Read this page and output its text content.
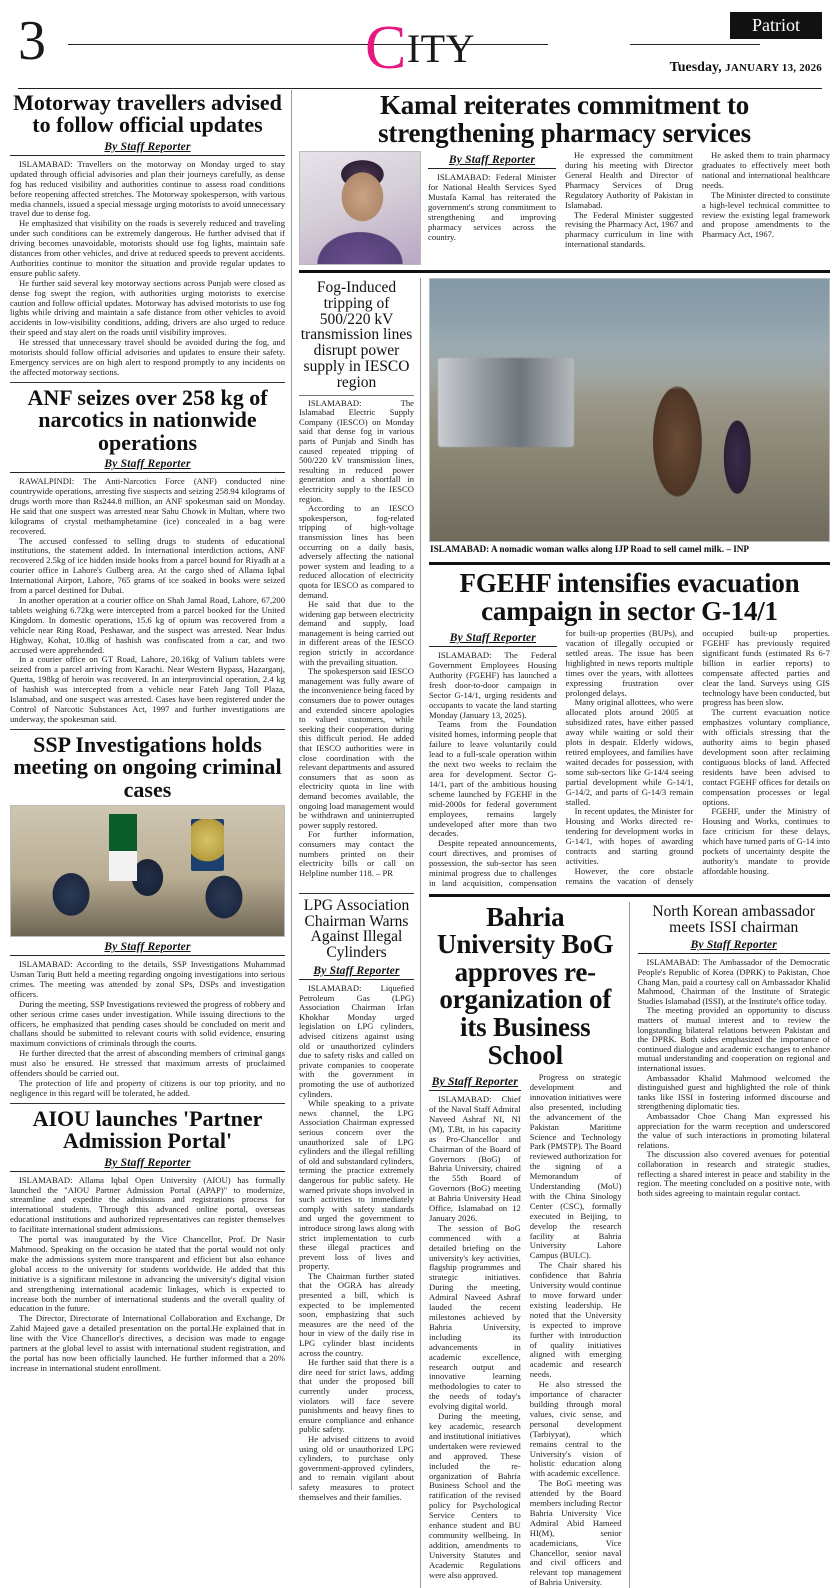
3	CITY
Patriot
Tuesday, JANUARY 13, 2026
Motorway travellers advised to follow official updates
By Staff Reporter

ISLAMABAD: Travellers on the motorway on Monday urged to stay updated through official advisories and plan their journeys carefully, as dense fog has reduced visibility and authorities continue to assess road conditions before reopening affected stretches. The Motorway spokesperson, with various media channels, issued a special message urging motorists to avoid unnecessary travel due to dense fog.

He emphasized that visibility on the roads is severely reduced and traveling under such conditions can be extremely dangerous. He further advised that if driving becomes unavoidable, motorists should use fog lights, maintain safe distances from other vehicles, and drive at reduced speeds to prevent accidents. Authorities continue to monitor the situation and provide regular updates to ensure public safety.

He further said several key motorway sections across Punjab were closed as dense fog swept the region, with authorities urging motorists to exercise caution and follow official updates. Motorway has advised motorists to use fog lights while driving and maintain a safe distance from other vehicles to avoid accidents in low-visibility conditions, adding, drivers are also urged to reduce their speed and stay alert on the roads until visibility improves.

He stressed that unnecessary travel should be avoided during the fog, and motorists should follow official advisories and updates to ensure their safety. Emergency services are on high alert to respond promptly to any incidents on the affected motorway sections.

ANF seizes over 258 kg of narcotics in nationwide operations
By Staff Reporter

RAWALPINDI: The Anti-Narcotics Force (ANF) conducted nine countrywide operations, arresting five suspects and seizing 258.94 kilograms of drugs worth more than Rs244.8 million, an ANF spokesman said on Monday. He said that one suspect was arrested near Sahu Chowk in Multan, where two kilograms of crystal methamphetamine (ice) concealed in a bag were recovered.

The accused confessed to selling drugs to students of educational institutions, the statement added. In international interdiction actions, ANF recovered 2.5kg of ice hidden inside books from a parcel bound for Riyadh at a courier office in Lahore's Gulberg area. At the cargo shed of Allama Iqbal International Airport, Lahore, 765 grams of ice soaked in books were seized from a parcel destined for Dubai.

In another operation at a courier office on Shah Jamal Road, Lahore, 67,200 tablets weighing 6.72kg were intercepted from a parcel booked for the United Kingdom. In domestic operations, 15.6 kg of opium was recovered from a vehicle near Ring Road, Peshawar, and the suspect was arrested. Near Indus Highway, Kohat, 10.8kg of hashish was confiscated from a car, and two accused were apprehended.

In a courier office on GT Road, Lahore, 20.16kg of Valium tablets were seized from a parcel arriving from Karachi. Near Western Bypass, Hazarganj, Quetta, 198kg of heroin was recovered. In an interprovincial operation, 2.4 kg of hashish was intercepted from a vehicle near Fateh Jang Toll Plaza, Islamabad, and one suspect was arrested. Cases have been registered under the Control of Narcotic Substances Act, 1997 and further investigations are underway, the spokesman said.

SSP Investigations holds meeting on ongoing criminal cases
By Staff Reporter

ISLAMABAD: According to the details, SSP Investigations Muhammad Usman Tariq Butt held a meeting regarding ongoing investigations into serious crimes. The meeting was attended by zonal SPs, DSPs and investigation officers.

During the meeting, SSP Investigations reviewed the progress of robbery and other serious crime cases under investigation. While issuing directions to the officers, he emphasized that pending cases should be concluded on merit and challans should be submitted to relevant courts with solid evidence, ensuring maximum convictions of criminals through the courts.

He further directed that the arrest of absconding members of criminal gangs must also be ensured. He stressed that maximum arrests of proclaimed offenders should be carried out.

The protection of life and property of citizens is our top priority, and no negligence in this regard will be tolerated, he added.

AIOU launches 'Partner Admission Portal'
By Staff Reporter

ISLAMABAD: Allama Iqbal Open University (AIOU) has formally launched the "AIOU Partner Admission Portal (APAP)" to modernize, streamline and expedite the admissions and registrations process for international students. Through this advanced online portal, overseas educational institutions and authorized representatives can register themselves to facilitate international student admissions.

The portal was inaugurated by the Vice Chancellor, Prof. Dr Nasir Mahmood. Speaking on the occasion he stated that the portal would not only make the admissions system more transparent and efficient but also enhance global access to the university for students worldwide. He added that this initiative is a significant milestone in advancing the university's digital vision and strengthening international academic linkages, which is expected to increase both the number of international students and the overall quality of education in the future.

The Director, Directorate of International Collaboration and Exchange, Dr Zahid Majeed gave a detailed presentation on the portal.He explained that in line with the Vice Chancellor's directives, a decision was made to engage partners at the global level to assist with international student registration, and the portal has now been officially launched. He further informed that a 20% increase in international student enrollment.

Kamal reiterates commitment to strengthening pharmacy services
By Staff Reporter

ISLAMABAD: Federal Minister for National Health Services Syed Mustafa Kamal has reiterated the government's strong commitment to strengthening and improving pharmacy services across the country.

He expressed the commitment during his meeting with Director General Health and Director of Pharmacy Services of Drug Regulatory Authority of Pakistan in Islamabad.

The Federal Minister suggested revising the Pharmacy Act, 1967 and pharmacy curriculum in line with international standards.

He asked them to train pharmacy graduates to effectively meet both national and international healthcare needs.

The Minister directed to constitute a high-level technical committee to review the existing legal framework and propose amendments to the Pharmacy Act, 1967.

Fog-Induced tripping of 500/220 kV transmission lines disrupt power supply in IESCO region

ISLAMABAD: The Islamabad Electric Supply Company (IESCO) on Monday said that dense fog in various parts of Punjab and Sindh has caused repeated tripping of 500/220 kV transmission lines, resulting in reduced power generation and a shortfall in electricity supply to the IESCO region.

According to an IESCO spokesperson, fog-related tripping of high-voltage transmission lines has been occurring on a daily basis, adversely affecting the national power system and leading to a reduced allocation of electricity quota for IESCO as compared to demand.

He said that due to the widening gap between electricity demand and supply, load management is being carried out in different areas of the IESCO region strictly in accordance with the prevailing situation.

The spokesperson said IESCO management was fully aware of the inconvenience being faced by consumers due to power outages and extended sincere apologies to valued customers, while seeking their cooperation during this difficult period. He added that IESCO authorities were in close coordination with the relevant departments and assured consumers that as soon as electricity quota in line with demand becomes available, the ongoing load management would be withdrawn and uninterrupted power supply restored.

For further information, consumers may contact the numbers printed on their electricity bills or call on Helpline number 118. – PR

ISLAMABAD: A nomadic woman walks along IJP Road to sell camel milk. – INP
FGEHF intensifies evacuation campaign in sector G-14/1
By Staff Reporter

ISLAMABAD: The Federal Government Employees Housing Authority (FGEHF) has launched a fresh door-to-door campaign in Sector G-14/1, urging residents and occupants to vacate the land starting Monday (January 13, 2025).

Teams from the Foundation visited homes, informing people that failure to leave voluntarily could lead to a full-scale operation within the next two weeks to reclaim the area for development. Sector G-14/1, part of the ambitious housing scheme launched by FGEHF in the mid-2000s for federal government employees, remains largely undeveloped after more than two decades.

Despite repeated announcements, court directives, and promises of possession, the sub-sector has seen minimal progress due to challenges in land acquisition, compensation for built-up properties (BUPs), and vacation of illegally occupied or settled areas. The issue has been highlighted in news reports multiple times over the years, with allottees expressing frustration over prolonged delays.

Many original allottees, who were allocated plots around 2005 at subsidized rates, have either passed away while waiting or sold their plots in despair. Elderly widows, retired employees, and families have waited decades for possession, with some sub-sectors like G-14/4 seeing partial development while G-14/1, G-14/2, and parts of G-14/3 remain stalled.

In recent updates, the Minister for Housing and Works directed re-tendering for development works in G-14/1, with hopes of awarding contracts and starting ground activities.

However, the core obstacle remains the vacation of densely occupied built-up properties. FGEHF has previously required significant funds (estimated Rs 6-7 billion in earlier reports) to compensate affected parties and clear the land. Surveys using GIS technology have been conducted, but progress has been slow.

The current evacuation notice emphasizes voluntary compliance, with officials stressing that the authority aims to begin phased development soon after reclaiming contiguous blocks of land. Affected residents have been advised to contact FGEHF offices for details on compensation processes or legal options.

FGEHF, under the Ministry of Housing and Works, continues to face criticism for these delays, which have turned parts of G-14 into pockets of uncertainty despite the authority's mandate to provide affordable housing.

LPG Association Chairman Warns Against Illegal Cylinders
By Staff Reporter

ISLAMABAD: Liquefied Petroleum Gas (LPG) Association Chairman Irfan Khokhar Monday urged legislation on LPG cylinders, advised citizens against using old or unauthorized cylinders due to safety risks and called on private companies to cooperate with the government in promoting the use of authorized cylinders.

While speaking to a private news channel, the LPG Association Chairman expressed serious concern over the unauthorized sale of LPG cylinders and the illegal refilling of old and substandard cylinders, terming the practice extremely dangerous for public safety. He warned private shops involved in such activities to immediately comply with safety standards and urged the government to introduce strong laws along with strict implementation to curb these illegal practices and prevent loss of lives and property.

The Chairman further stated that the OGRA has already presented a bill, which is expected to be implemented soon, emphasizing that such measures are the need of the hour in view of the daily rise in LPG cylinder blast incidents across the country.

He further said that there is a dire need for strict laws, adding that under the proposed bill currently under process, violators will face severe punishments and heavy fines to ensure compliance and enhance public safety.

He advised citizens to avoid using old or unauthorized LPG cylinders, to purchase only government-approved cylinders, and to remain vigilant about safety measures to protect themselves and their families.

Bahria University BoG approves re-organization of its Business School
By Staff Reporter

ISLAMABAD: Chief of the Naval Staff Admiral Naveed Ashraf NI, NI (M), T.Bt, in his capacity as Pro-Chancellor and Chairman of the Board of Governors (BoG) of Bahria University, chaired the 55th Board of Governors (BoG) meeting at Bahria University Head Office, Islamabad on 12 January 2026.

The session of BoG commenced with a detailed briefing on the university's key activities, flagship programmes and strategic initiatives. During the meeting, Admiral Naveed Ashraf lauded the recent milestones achieved by Bahria University, including its advancements in academic excellence, research output and innovative learning methodologies to cater to the needs of today's evolving digital world.

During the meeting, key academic, research and institutional initiatives undertaken were reviewed and approved. These included the re-organization of Bahria Business School and the ratification of the revised policy for Psychological Service Centers to enhance student and BU community wellbeing. In addition, amendments to University Statutes and Academic Regulations were also approved.

Progress on strategic development and innovation initiatives were also presented, including the advancement of the Pakistan Maritime Science and Technology Park (PMSTP). The Board reviewed authorization for the signing of a Memorandum of Understanding (MoU) with the China Sinology Center (CSC), formally executed in Beijing, to develop the research facility at Bahria University Lahore Campus (BULC).

The Chair shared his confidence that Bahria University would continue to move forward under existing leadership. He noted that the University is expected to improve further with introduction of quality initiatives aligned with emerging academic and research needs.

He also stressed the importance of character building through moral values, civic sense, and personal development (Tarbiyyat), which remains central to the University's vision of holistic education along with academic excellence.

The BoG meeting was attended by the Board members including Rector Bahria University Vice Admiral Abid Hameed HI(M), senior academicians, Vice Chancellor, senior naval and civil officers and relevant top management of Bahria University.

North Korean ambassador meets ISSI chairman
By Staff Reporter

ISLAMABAD: The Ambassador of the Democratic People's Republic of Korea (DPRK) to Pakistan, Choe Chang Man, paid a courtesy call on Ambassador Khalid Mahmood, Chairman of the Institute of Strategic Studies Islamabad (ISSI), at the Institute's office today.

The meeting provided an opportunity to discuss matters of mutual interest and to review the longstanding bilateral relations between Pakistan and the DPRK. Both sides emphasized the importance of continued dialogue and academic exchanges to enhance mutual understanding and cooperation on regional and international issues.

Ambassador Khalid Mahmood welcomed the distinguished guest and highlighted the role of think tanks like ISSI in fostering informed discourse and strengthening diplomatic ties.

Ambassador Choe Chang Man expressed his appreciation for the warm reception and underscored the value of such interactions in promoting bilateral relations.

The discussion also covered avenues for potential collaboration in research and strategic studies, reflecting a shared interest in peace and stability in the region. The meeting concluded on a positive note, with both sides agreeing to maintain regular contact.
